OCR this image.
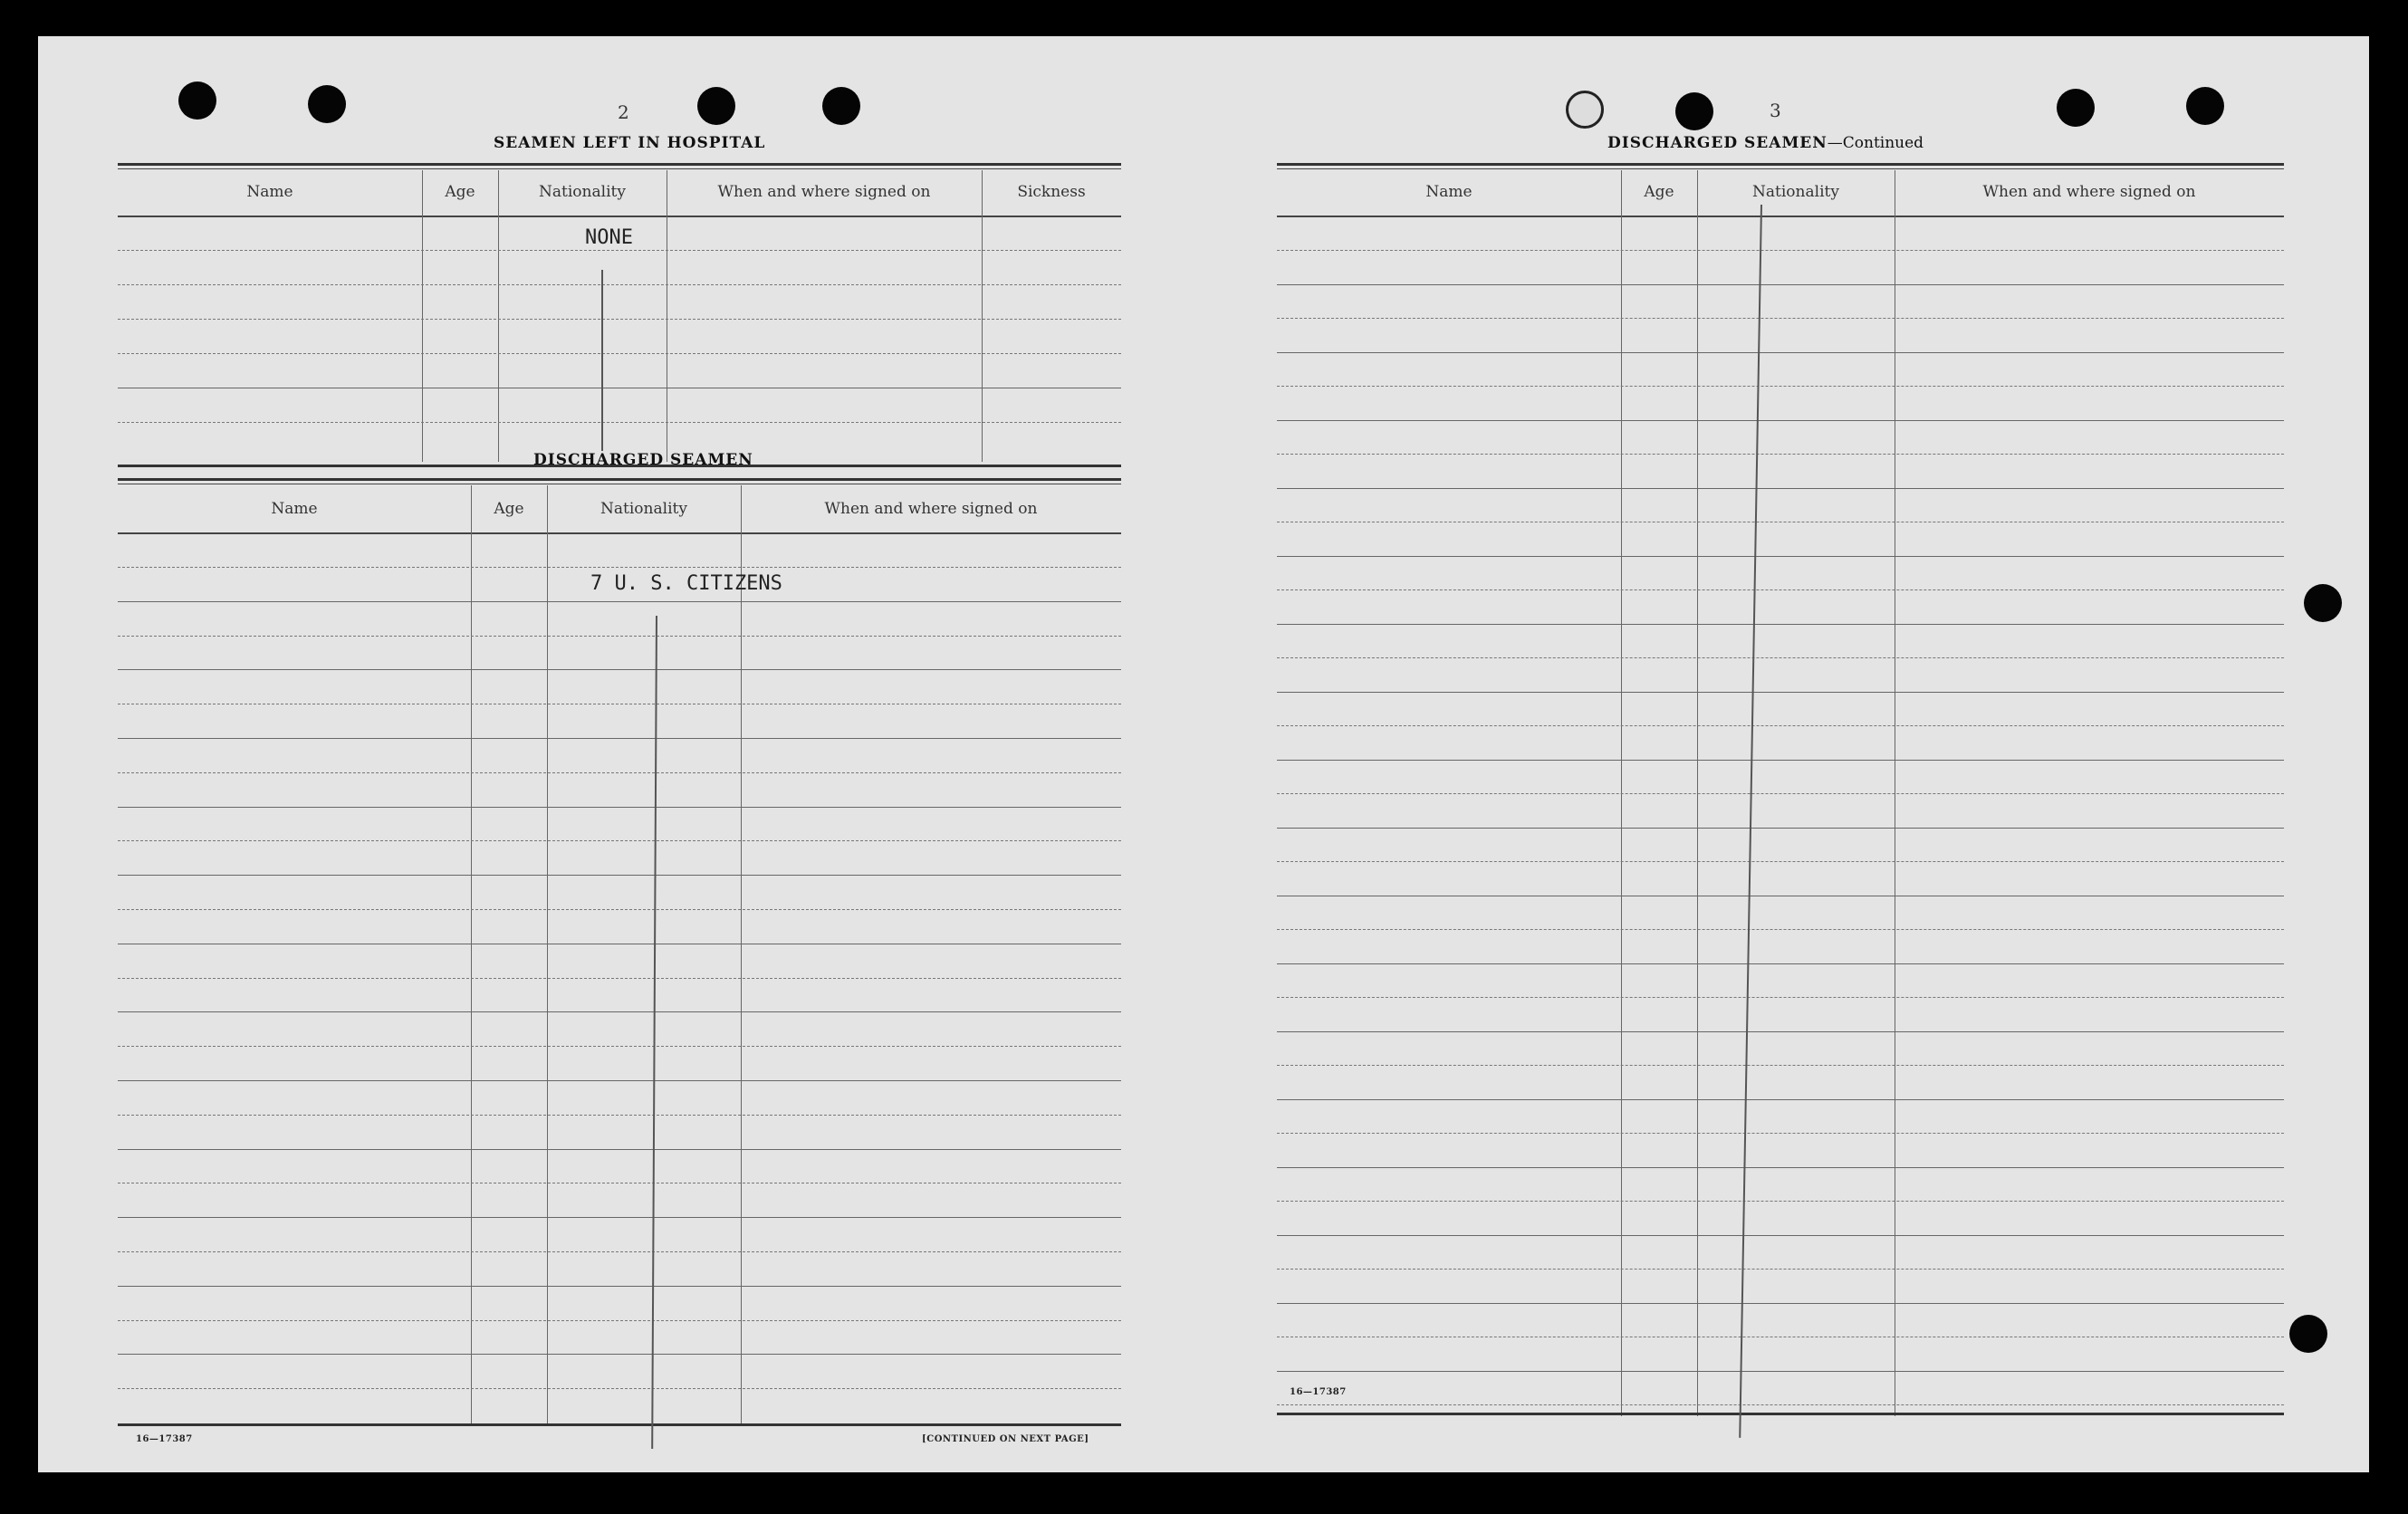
2
SEAMEN LEFT IN HOSPITAL
Name	Age	Nationality	When and where signed on	Sickness
NONE
DISCHARGED SEAMEN
Name	Age	Nationality	When and where signed on
7 U. S. CITIZENS
16—17387	[CONTINUED ON NEXT PAGE]
3
DISCHARGED SEAMEN—Continued
Name	Age	Nationality	When and where signed on
16—17387
